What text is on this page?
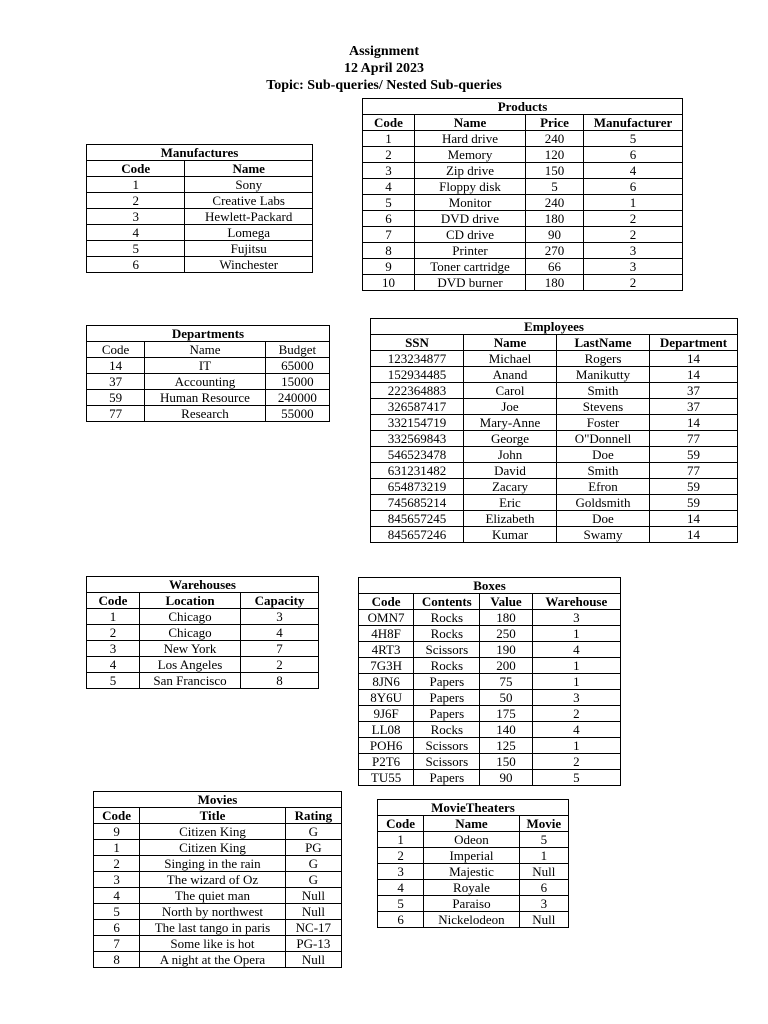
Assignment
12 April 2023
Topic: Sub-queries/ Nested Sub-queries
Manufactures	
Code	Name
1	Sony
2	Creative Labs
3	Hewlett-Packard
4	Lomega
5	Fujitsu
6	Winchester
Products			
Code	Name	Price	Manufacturer
1	Hard drive	240	5
2	Memory	120	6
3	Zip drive	150	4
4	Floppy disk	5	6
5	Monitor	240	1
6	DVD drive	180	2
7	CD drive	90	2
8	Printer	270	3
9	Toner cartridge	66	3
10	DVD burner	180	2
Departments		
Code	Name	Budget
14	IT	65000
37	Accounting	15000
59	Human Resource	240000
77	Research	55000
Employees			
SSN	Name	LastName	Department
123234877	Michael	Rogers	14
152934485	Anand	Manikutty	14
222364883	Carol	Smith	37
326587417	Joe	Stevens	37
332154719	Mary-Anne	Foster	14
332569843	George	O"Donnell	77
546523478	John	Doe	59
631231482	David	Smith	77
654873219	Zacary	Efron	59
745685214	Eric	Goldsmith	59
845657245	Elizabeth	Doe	14
845657246	Kumar	Swamy	14
Warehouses		
Code	Location	Capacity
1	Chicago	3
2	Chicago	4
3	New York	7
4	Los Angeles	2
5	San Francisco	8
Boxes			
Code	Contents	Value	Warehouse
OMN7	Rocks	180	3
4H8F	Rocks	250	1
4RT3	Scissors	190	4
7G3H	Rocks	200	1
8JN6	Papers	75	1
8Y6U	Papers	50	3
9J6F	Papers	175	2
LL08	Rocks	140	4
POH6	Scissors	125	1
P2T6	Scissors	150	2
TU55	Papers	90	5
Movies		
Code	Title	Rating
9	Citizen King	G
1	Citizen King	PG
2	Singing in the rain	G
3	The wizard of Oz	G
4	The quiet man	Null
5	North by northwest	Null
6	The last tango in paris	NC-17
7	Some like is hot	PG-13
8	A night at the Opera	Null
MovieTheaters		
Code	Name	Movie
1	Odeon	5
2	Imperial	1
3	Majestic	Null
4	Royale	6
5	Paraiso	3
6	Nickelodeon	Null
